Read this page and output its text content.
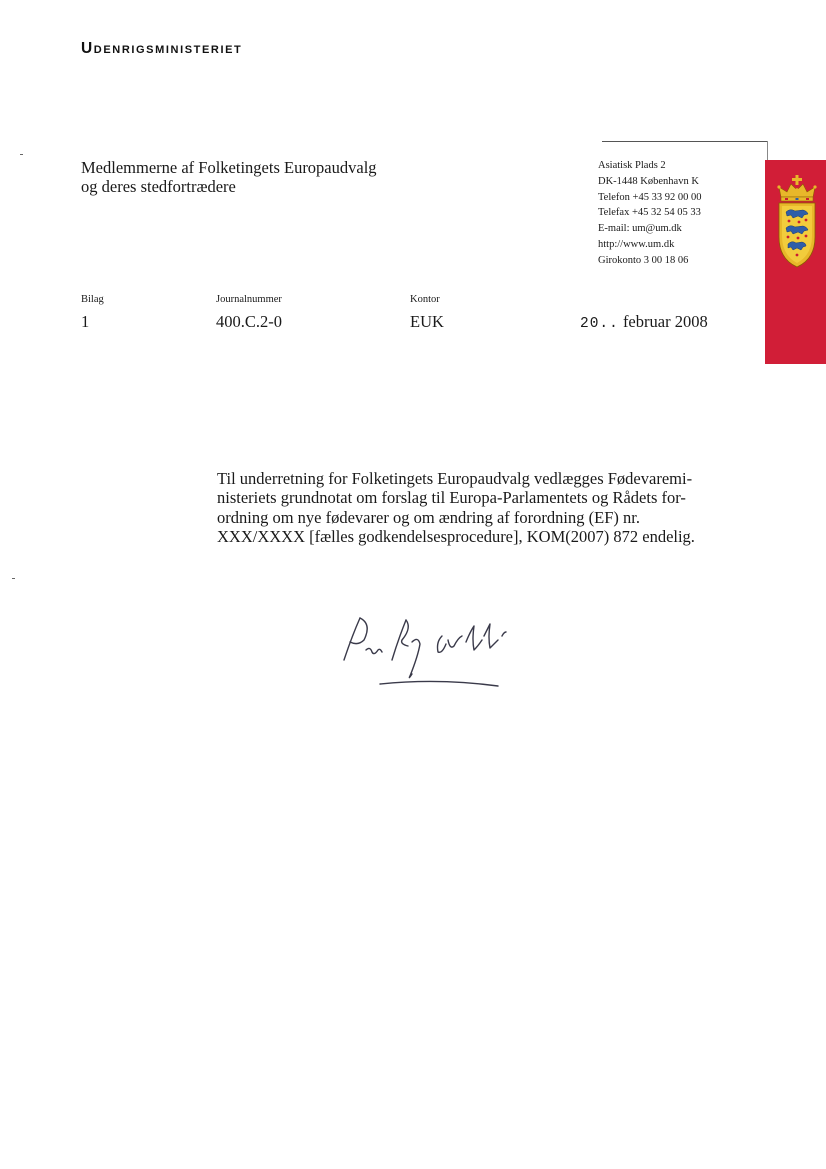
Udenrigsministeriet
Medlemmerne af Folketingets Europaudvalg
og deres stedfortrædere
Asiatisk Plads 2
DK-1448 København K
Telefon +45 33 92 00 00
Telefax +45 32 54 05 33
E-mail: um@um.dk
http://www.um.dk
Girokonto 3 00 18 06
Bilag
1
Journalnummer
400.C.2-0
Kontor
EUK	20.. februar 2008
Til underretning for Folketingets Europaudvalg vedlægges Fødevaremi-
nisteriets grundnotat om forslag til Europa-Parlamentets og Rådets for-
ordning om nye fødevarer og om ændring af forordning (EF) nr.
XXX/XXXX [fælles godkendelsesprocedure], KOM(2007) 872 endelig.
